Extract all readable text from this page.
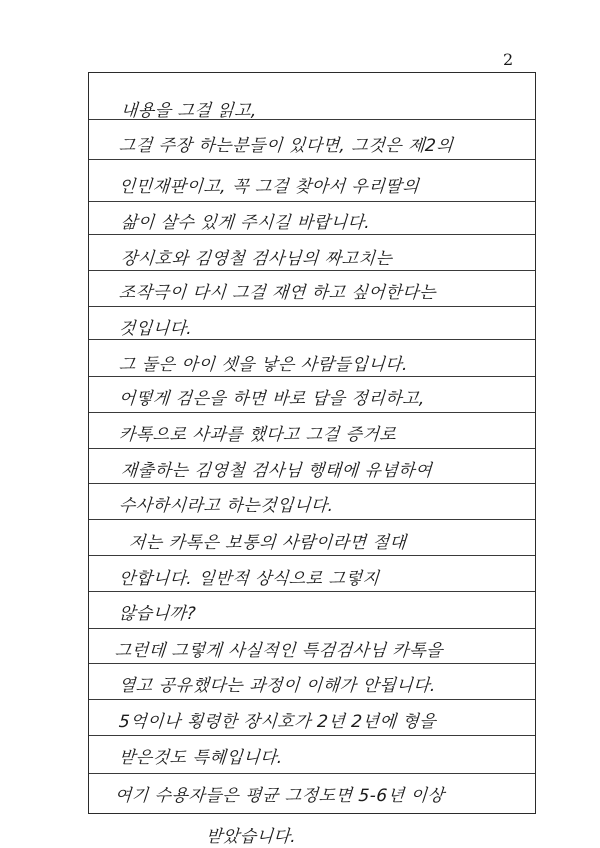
2
내용을 그걸 읽고,
그걸 주장 하는분들이 있다면, 그것은 제2의
인민재판이고, 꼭 그걸 찾아서 우리딸의
삶이 살수 있게 주시길 바랍니다.
장시호와 김영철 검사님의 짜고치는
조작극이 다시 그걸 재연 하고 싶어한다는
것입니다.
그 둘은 아이 셋을 낳은 사람들입니다.
어떻게 검은을 하면 바로 답을 정리하고,
카톡으로 사과를 했다고 그걸 증거로
재출하는 김영철 검사님 행태에 유념하여
수사하시라고 하는것입니다.
저는 카톡은 보통의 사람이라면 절대
안합니다. 일반적 상식으로 그렇지
않습니까?
그런데 그렇게 사실적인 특검검사님 카톡을
열고 공유했다는 과정이 이해가 안됩니다.
5억이나 횡령한 장시호가 2년 2년에 형을
받은것도 특혜입니다.
여기 수용자들은 평균 그정도면 5-6년 이상
받았습니다.
